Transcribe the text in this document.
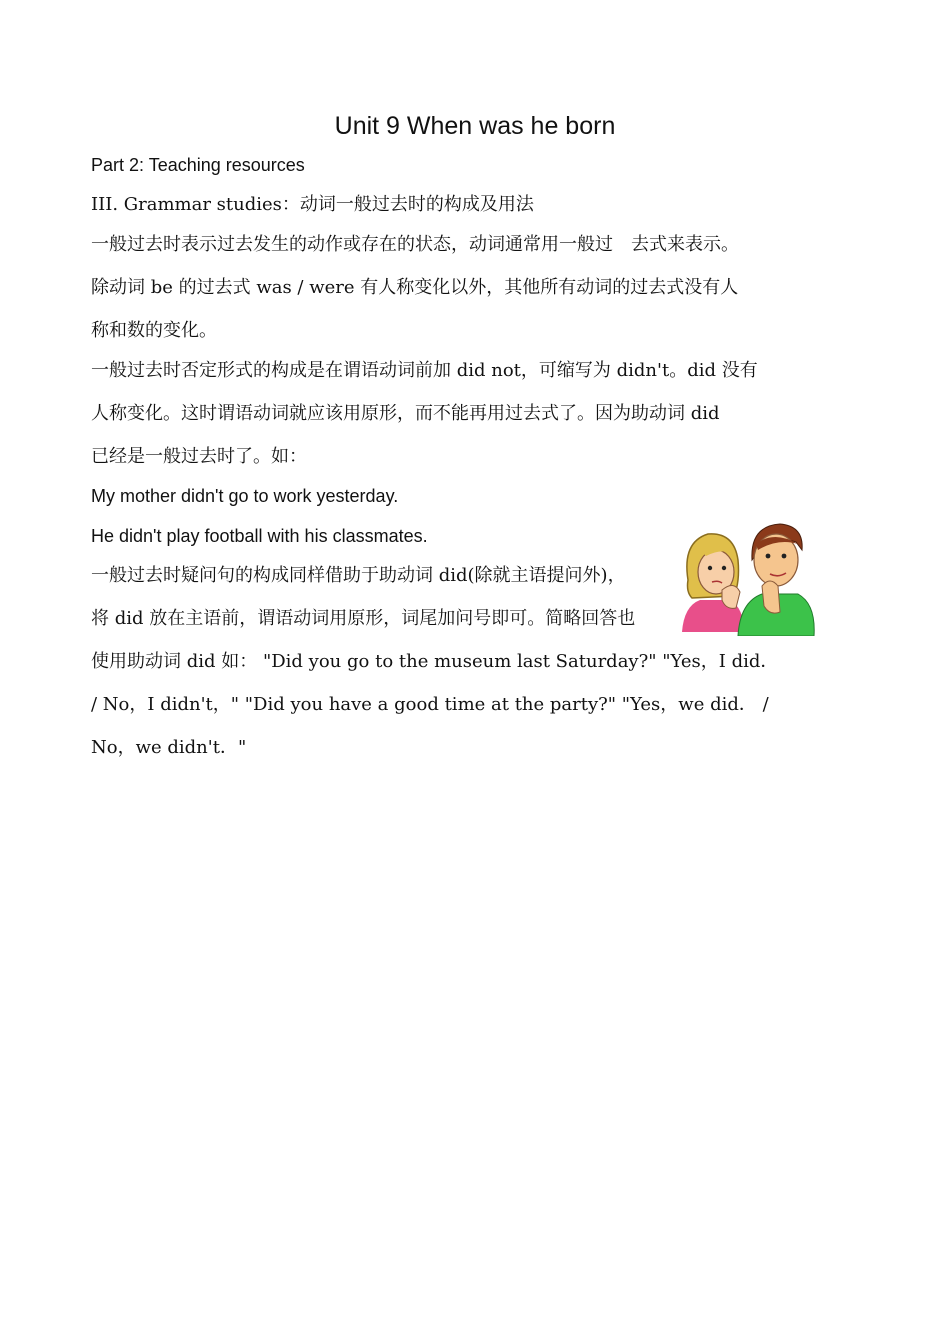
Unit 9 When was he born
Part 2: Teaching resources
III. Grammar studies：动词一般过去时的构成及用法
一般过去时表示过去发生的动作或存在的状态，动词通常用一般过　去式来表示。
除动词 be 的过去式 was / were 有人称变化以外，其他所有动词的过去式没有人
称和数的变化。
一般过去时否定形式的构成是在谓语动词前加 did not，可缩写为 didn't。did 没有
人称变化。这时谓语动词就应该用原形，而不能再用过去式了。因为助动词 did
已经是一般过去时了。如：
My mother didn't go to work yesterday.
He didn't play football with his classmates.
一般过去时疑问句的构成同样借助于助动词 did(除就主语提问外)，
将 did 放在主语前，谓语动词用原形，词尾加问号即可。简略回答也
使用助动词 did 如： "Did you go to the museum last Saturday?" "Yes，I did．
/ No，I didn't，" "Did you have a good time at the party?" "Yes，we did． /
No，we didn't．"
